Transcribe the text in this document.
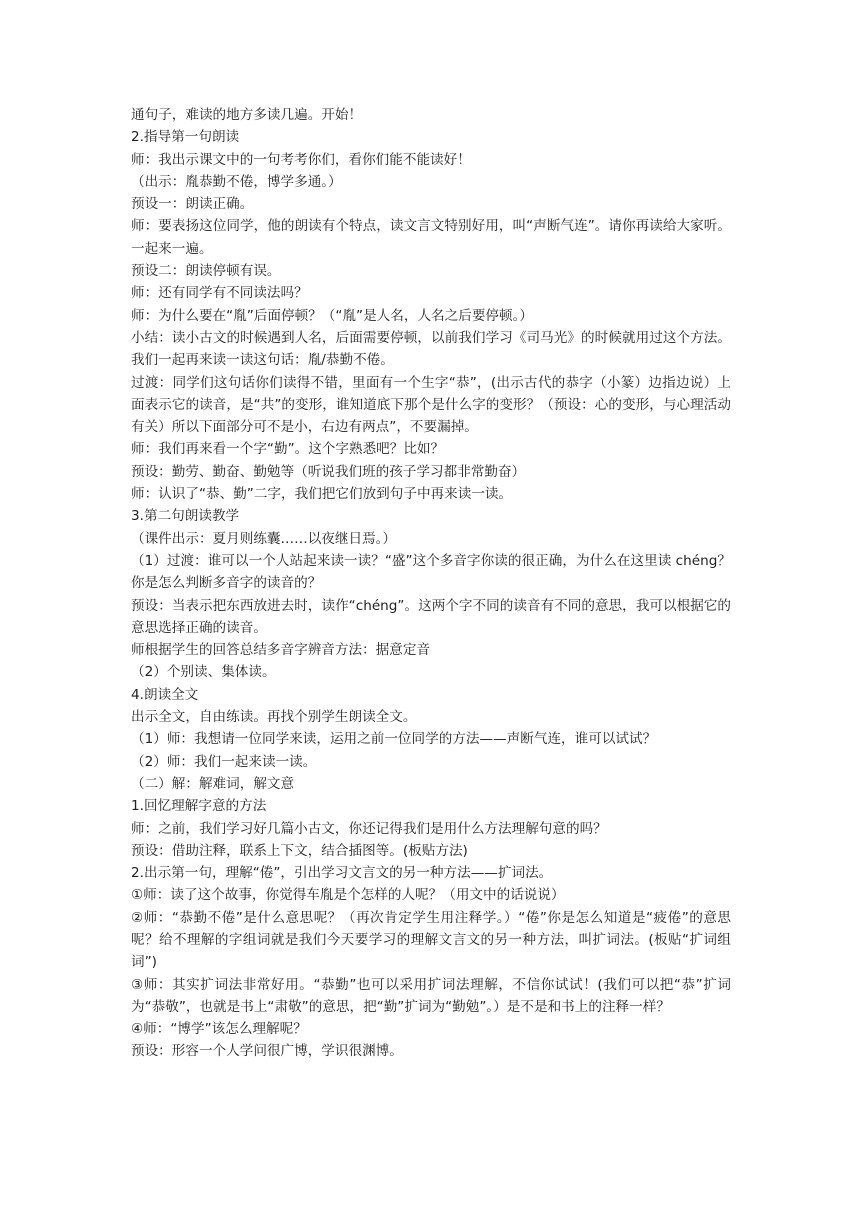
通句子，难读的地方多读几遍。开始！
2.指导第一句朗读
师：我出示课文中的一句考考你们，看你们能不能读好！
（出示：胤恭勤不倦，博学多通。）
预设一：朗读正确。
师：要表扬这位同学，他的朗读有个特点，读文言文特别好用，叫“声断气连”。请你再读给大家听。一起来一遍。
预设二：朗读停顿有误。
师：还有同学有不同读法吗？
师：为什么要在“胤”后面停顿？（“胤”是人名，人名之后要停顿。）
小结：读小古文的时候遇到人名，后面需要停顿，以前我们学习《司马光》的时候就用过这个方法。我们一起再来读一读这句话：胤/恭勤不倦。
过渡：同学们这句话你们读得不错，里面有一个生字“恭”，(出示古代的恭字（小篆）边指边说）上面表示它的读音，是“共”的变形，谁知道底下那个是什么字的变形？（预设：心的变形，与心理活动有关）所以下面部分可不是小，右边有两点”，不要漏掉。
师：我们再来看一个字“勤”。这个字熟悉吧？比如？
预设：勤劳、勤奋、勤勉等（听说我们班的孩子学习都非常勤奋）
师：认识了“恭、勤”二字，我们把它们放到句子中再来读一读。
3.第二句朗读教学
（课件出示：夏月则练囊……以夜继日焉。）
（1）过渡：谁可以一个人站起来读一读？“盛”这个多音字你读的很正确，为什么在这里读 chéng？你是怎么判断多音字的读音的？
预设：当表示把东西放进去时，读作“chéng”。这两个字不同的读音有不同的意思，我可以根据它的意思选择正确的读音。
师根据学生的回答总结多音字辨音方法：据意定音
（2）个别读、集体读。
4.朗读全文
出示全文，自由练读。再找个别学生朗读全文。
（1）师：我想请一位同学来读，运用之前一位同学的方法——声断气连，谁可以试试？
（2）师：我们一起来读一读。
（二）解：解难词，解文意
1.回忆理解字意的方法
师：之前，我们学习好几篇小古文，你还记得我们是用什么方法理解句意的吗？
预设：借助注释，联系上下文，结合插图等。(板贴方法)
2.出示第一句，理解“倦”，引出学习文言文的另一种方法——扩词法。
①师：读了这个故事，你觉得车胤是个怎样的人呢？（用文中的话说说）
②师：“恭勤不倦”是什么意思呢？（再次肯定学生用注释学。）“倦”你是怎么知道是“疲倦”的意思呢？给不理解的字组词就是我们今天要学习的理解文言文的另一种方法，叫扩词法。(板贴“扩词组词”)
③师：其实扩词法非常好用。“恭勤”也可以采用扩词法理解，不信你试试！(我们可以把“恭”扩词为“恭敬”，也就是书上“肃敬”的意思，把“勤”扩词为“勤勉”。）是不是和书上的注释一样？
④师：“博学”该怎么理解呢？
预设：形容一个人学问很广博，学识很渊博。
